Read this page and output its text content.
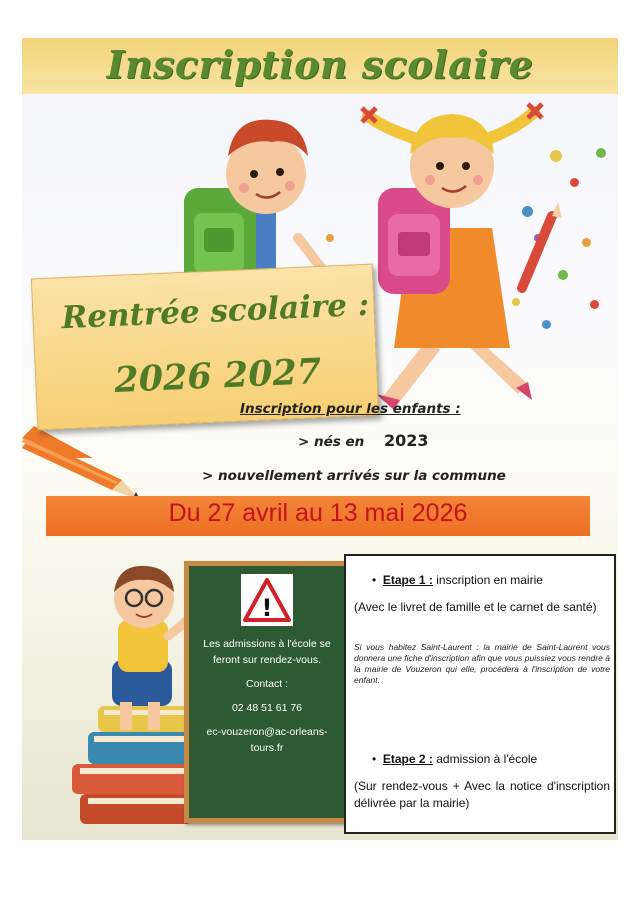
Inscription scolaire
Rentrée scolaire :
2026 2027
Inscription pour les enfants :
> nés en 2023
> nouvellement arrivés sur la commune
Du 27 avril au 13 mai 2026
!
Les admissions à l'école se feront sur rendez-vous.
Contact :
02 48 51 61 76
ec-vouzeron@ac-orleans-
tours.fr
• Etape 1 : inscription en mairie
(Avec le livret de famille et le carnet de santé)
Si vous habitez Saint-Laurent : la mairie de Saint-Laurent vous donnera une fiche d'inscription afin que vous puissiez vous rendre à la mairie de Vouzeron qui elle, procédera à l'inscription de votre enfant.
• Etape 2 : admission à l'école
(Sur rendez-vous + Avec la notice d'inscription délivrée par la mairie)
